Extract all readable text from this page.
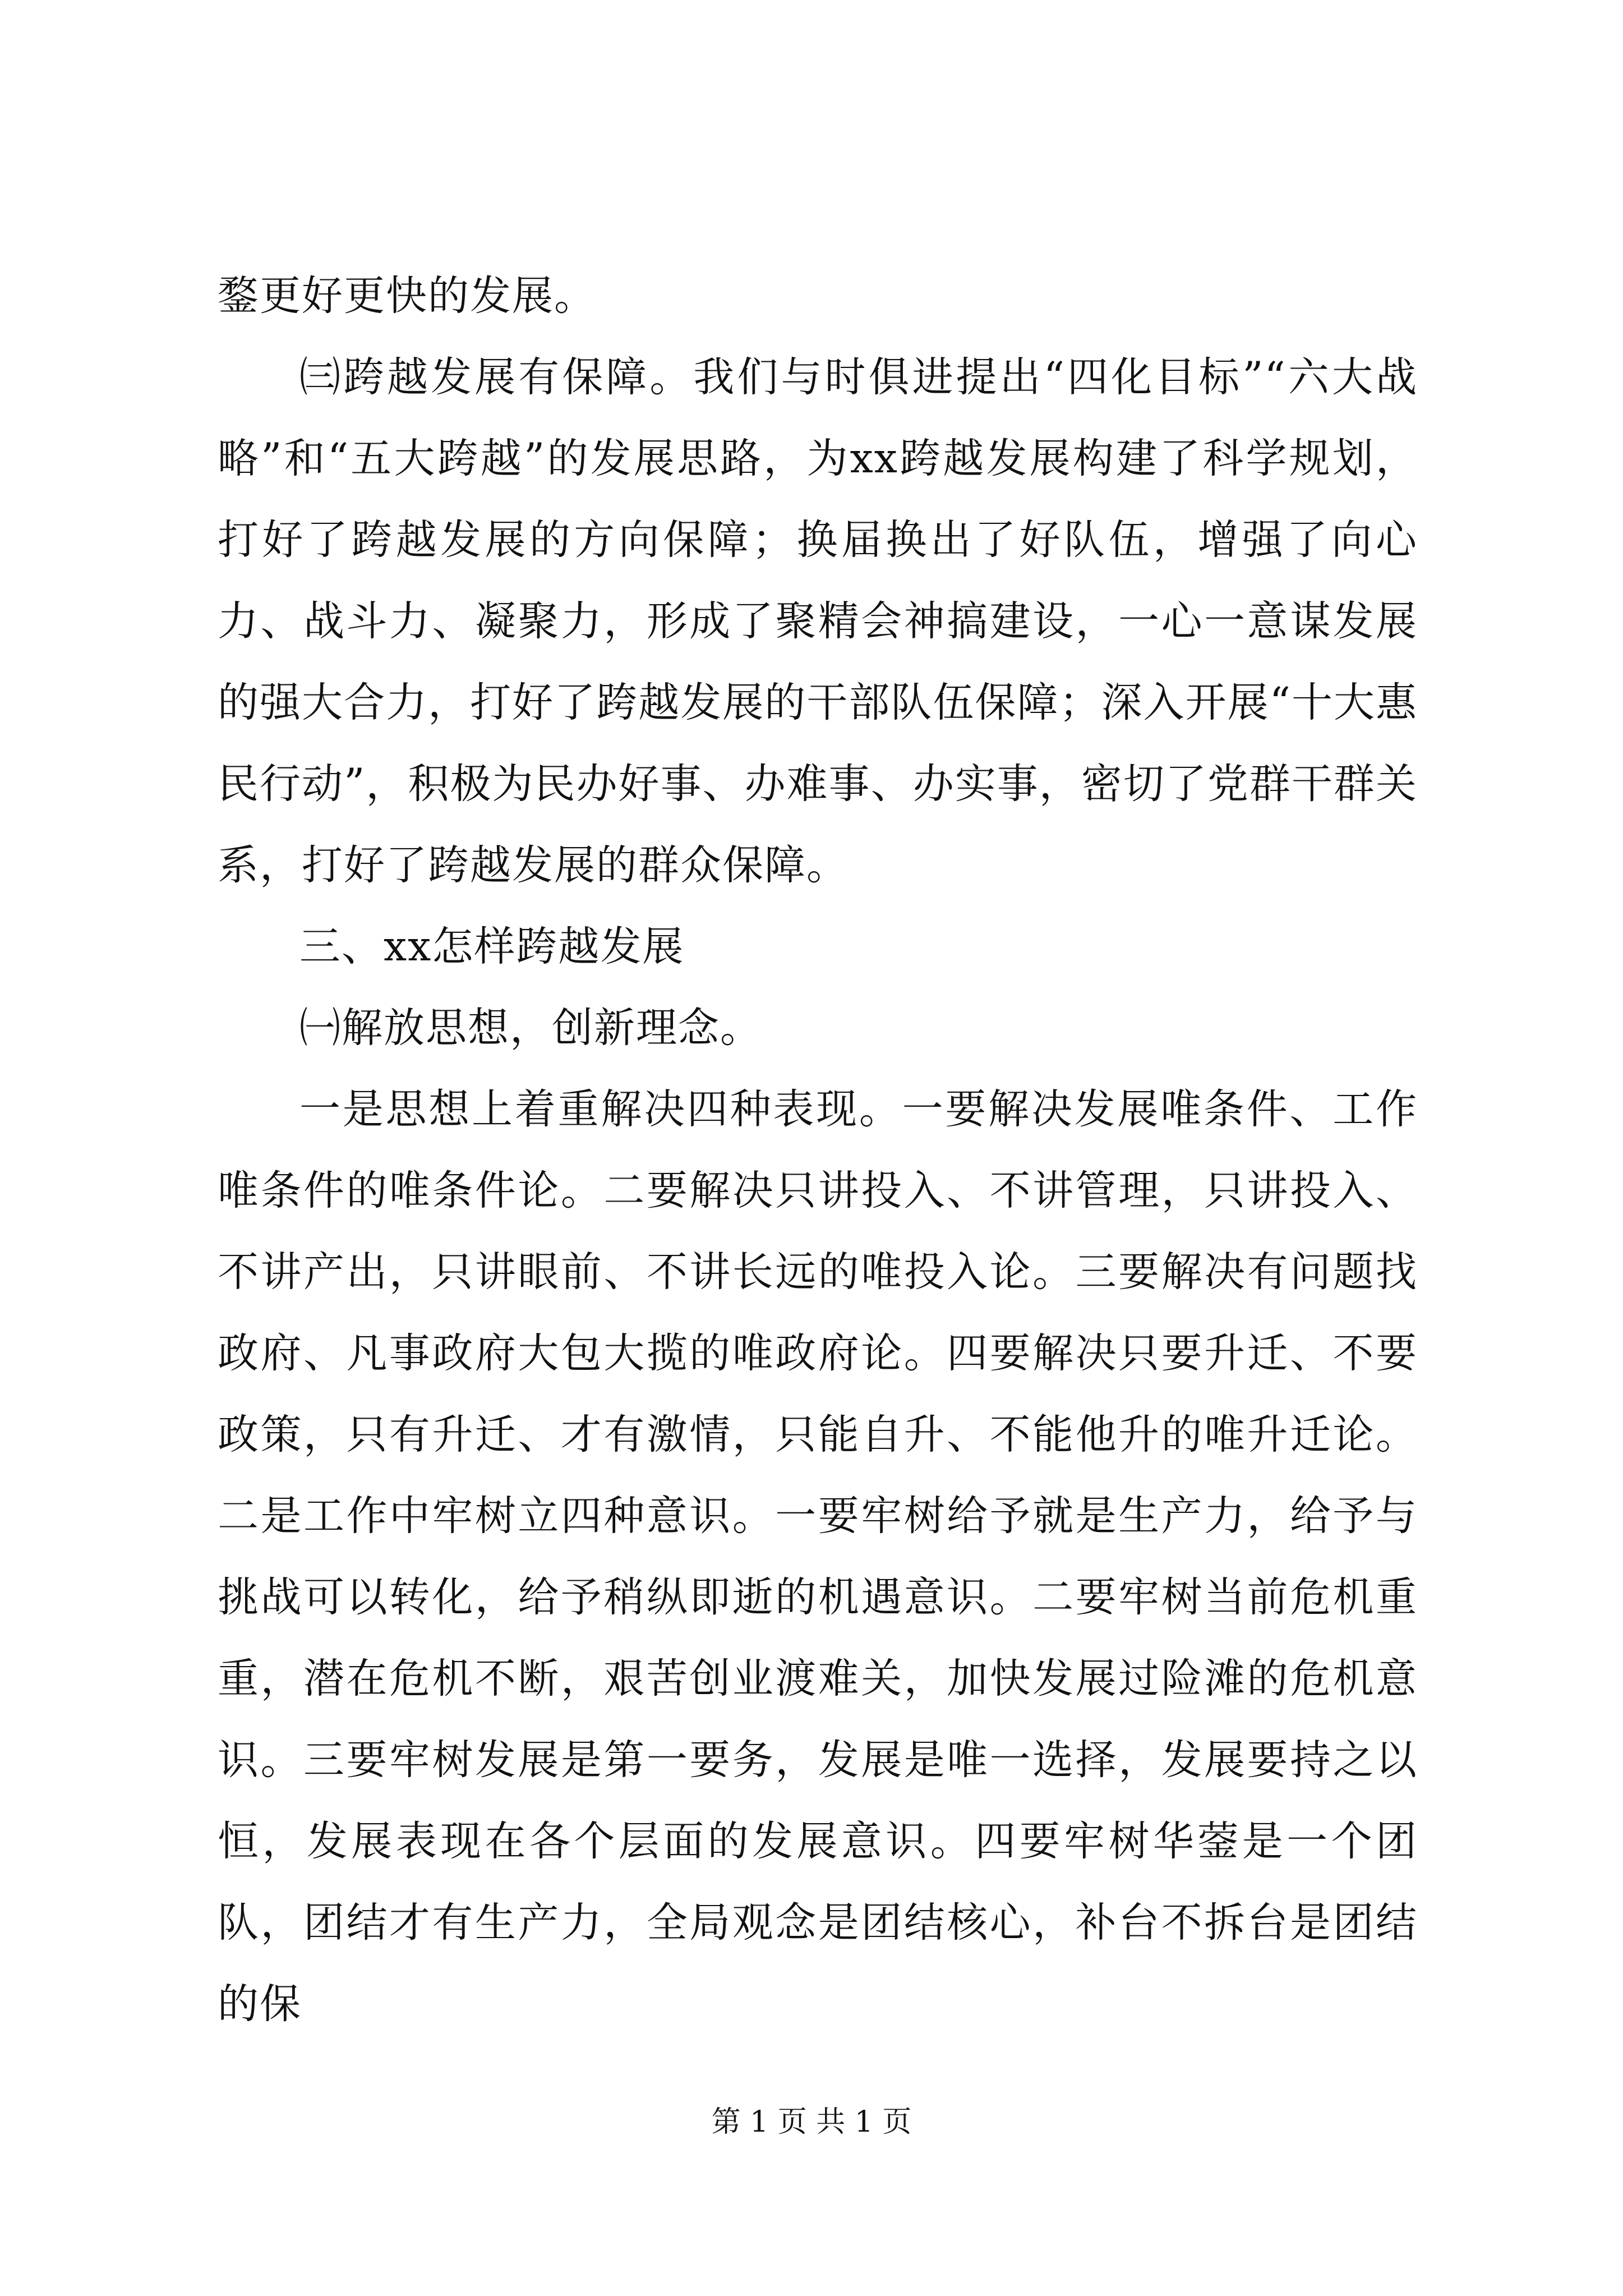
鍪更好更快的发展。

㈢跨越发展有保障。我们与时俱进提出“四化目标”“六大战略”和“五大跨越”的发展思路，为xx跨越发展构建了科学规划，打好了跨越发展的方向保障；换届换出了好队伍，增强了向心力、战斗力、凝聚力，形成了聚精会神搞建设，一心一意谋发展的强大合力，打好了跨越发展的干部队伍保障；深入开展“十大惠民行动”，积极为民办好事、办难事、办实事，密切了党群干群关系，打好了跨越发展的群众保障。

三、xx怎样跨越发展

㈠解放思想，创新理念。

一是思想上着重解决四种表现。一要解决发展唯条件、工作唯条件的唯条件论。二要解决只讲投入、不讲管理，只讲投入、不讲产出，只讲眼前、不讲长远的唯投入论。三要解决有问题找政府、凡事政府大包大揽的唯政府论。四要解决只要升迁、不要政策，只有升迁、才有激情，只能自升、不能他升的唯升迁论。二是工作中牢树立四种意识。一要牢树给予就是生产力，给予与挑战可以转化，给予稍纵即逝的机遇意识。二要牢树当前危机重重，潜在危机不断，艰苦创业渡难关，加快发展过险滩的危机意识。三要牢树发展是第一要务，发展是唯一选择，发展要持之以恒，发展表现在各个层面的发展意识。四要牢树华蓥是一个团队，团结才有生产力，全局观念是团结核心，补台不拆台是团结的保

第 1 页 共 1 页
